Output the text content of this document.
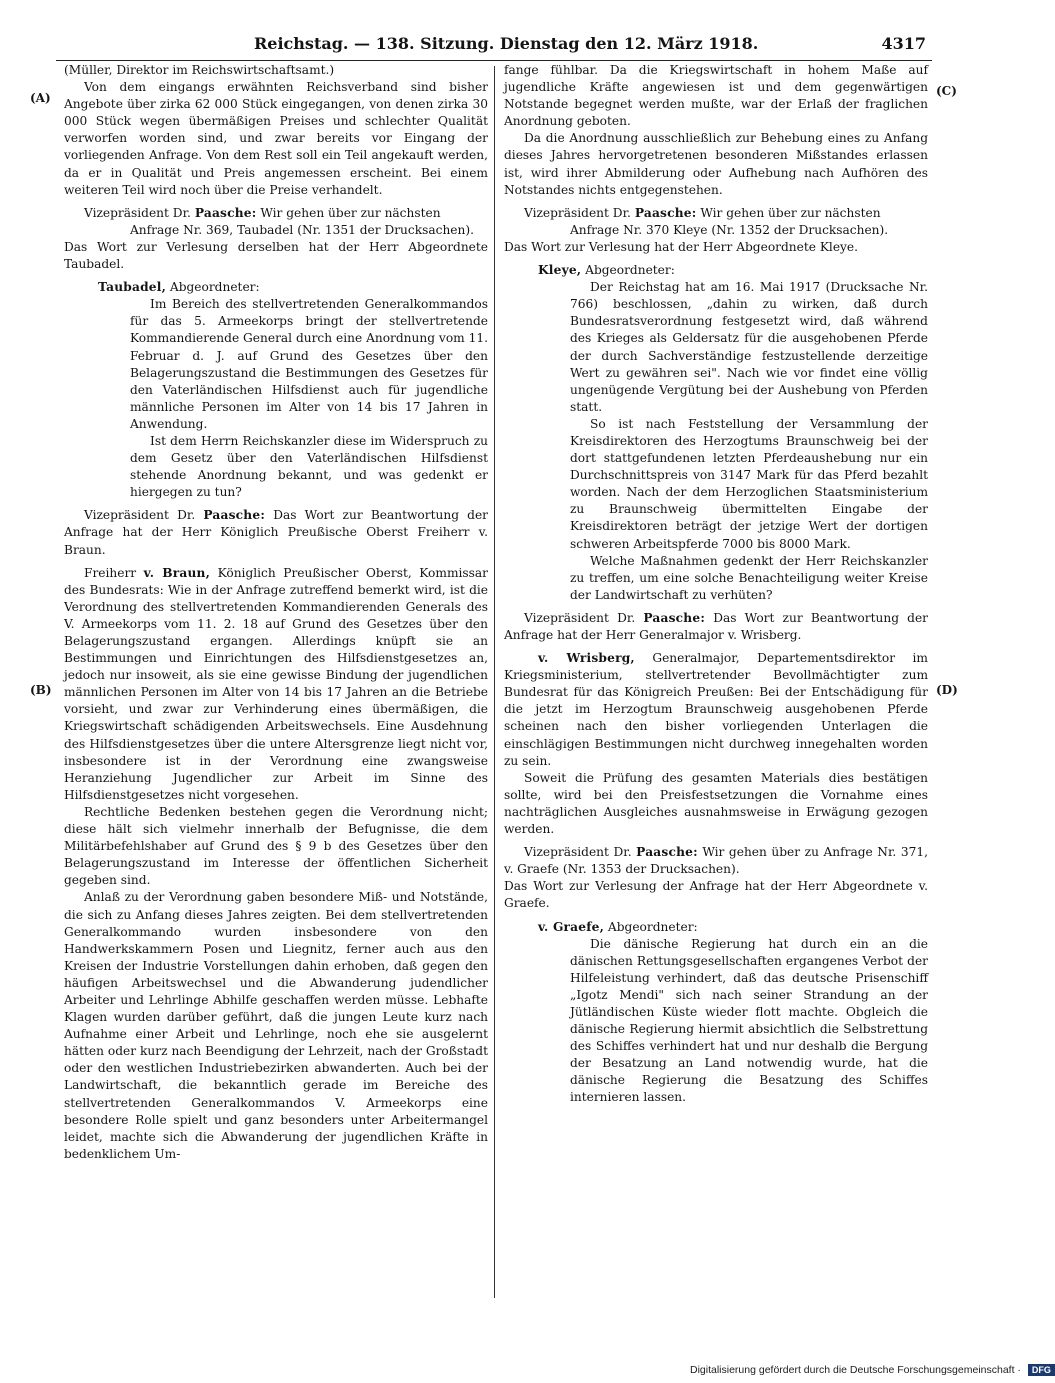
Reichstag. — 138. Sitzung. Dienstag den 12. März 1918.	4317
(A)
(B)
(C)
(D)

(Müller, Direktor im Reichswirtschaftsamt.)

Von dem eingangs erwähnten Reichsverband sind bisher Angebote über zirka 62 000 Stück eingegangen, von denen zirka 30 000 Stück wegen übermäßigen Preises und schlechter Qualität verworfen worden sind, und zwar bereits vor Eingang der vorliegenden Anfrage. Von dem Rest soll ein Teil angekauft werden, da er in Qualität und Preis angemessen erscheint. Bei einem weiteren Teil wird noch über die Preise verhandelt.

Vizepräsident Dr. Paasche: Wir gehen über zur nächsten

Anfrage Nr. 369, Taubadel (Nr. 1351 der Drucksachen).

Das Wort zur Verlesung derselben hat der Herr Abgeordnete Taubadel.

Taubadel, Abgeordneter:

Im Bereich des stellvertretenden Generalkommandos für das 5. Armeekorps bringt der stellvertretende Kommandierende General durch eine Anordnung vom 11. Februar d. J. auf Grund des Gesetzes über den Belagerungszustand die Bestimmungen des Gesetzes für den Vaterländischen Hilfsdienst auch für jugendliche männliche Personen im Alter von 14 bis 17 Jahren in Anwendung.

Ist dem Herrn Reichskanzler diese im Widerspruch zu dem Gesetz über den Vaterländischen Hilfsdienst stehende Anordnung bekannt, und was gedenkt er hiergegen zu tun?

Vizepräsident Dr. Paasche: Das Wort zur Beantwortung der Anfrage hat der Herr Königlich Preußische Oberst Freiherr v. Braun.

Freiherr v. Braun, Königlich Preußischer Oberst, Kommissar des Bundesrats: Wie in der Anfrage zutreffend bemerkt wird, ist die Verordnung des stellvertretenden Kommandierenden Generals des V. Armeekorps vom 11. 2. 18 auf Grund des Gesetzes über den Belagerungszustand ergangen. Allerdings knüpft sie an Bestimmungen und Einrichtungen des Hilfsdienstgesetzes an, jedoch nur insoweit, als sie eine gewisse Bindung der jugendlichen männlichen Personen im Alter von 14 bis 17 Jahren an die Betriebe vorsieht, und zwar zur Verhinderung eines übermäßigen, die Kriegswirtschaft schädigenden Arbeitswechsels. Eine Ausdehnung des Hilfsdienstgesetzes über die untere Altersgrenze liegt nicht vor, insbesondere ist in der Verordnung eine zwangsweise Heranziehung Jugendlicher zur Arbeit im Sinne des Hilfsdienstgesetzes nicht vorgesehen.

Rechtliche Bedenken bestehen gegen die Verordnung nicht; diese hält sich vielmehr innerhalb der Befugnisse, die dem Militärbefehlshaber auf Grund des § 9 b des Gesetzes über den Belagerungszustand im Interesse der öffentlichen Sicherheit gegeben sind.

Anlaß zu der Verordnung gaben besondere Miß- und Notstände, die sich zu Anfang dieses Jahres zeigten. Bei dem stellvertretenden Generalkommando wurden insbesondere von den Handwerkskammern Posen und Liegnitz, ferner auch aus den Kreisen der Industrie Vorstellungen dahin erhoben, daß gegen den häufigen Arbeitswechsel und die Abwanderung judendlicher Arbeiter und Lehrlinge Abhilfe geschaffen werden müsse. Lebhafte Klagen wurden darüber geführt, daß die jungen Leute kurz nach Aufnahme einer Arbeit und Lehrlinge, noch ehe sie ausgelernt hätten oder kurz nach Beendigung der Lehrzeit, nach der Großstadt oder den westlichen Industriebezirken abwanderten. Auch bei der Landwirtschaft, die bekanntlich gerade im Bereiche des stellvertretenden Generalkommandos V. Armeekorps eine besondere Rolle spielt und ganz besonders unter Arbeitermangel leidet, machte sich die Abwanderung der jugendlichen Kräfte in bedenklichem Um-

fange fühlbar. Da die Kriegswirtschaft in hohem Maße auf jugendliche Kräfte angewiesen ist und dem gegenwärtigen Notstande begegnet werden mußte, war der Erlaß der fraglichen Anordnung geboten.

Da die Anordnung ausschließlich zur Behebung eines zu Anfang dieses Jahres hervorgetretenen besonderen Mißstandes erlassen ist, wird ihrer Abmilderung oder Aufhebung nach Aufhören des Notstandes nichts entgegenstehen.

Vizepräsident Dr. Paasche: Wir gehen über zur nächsten

Anfrage Nr. 370 Kleye (Nr. 1352 der Drucksachen).

Das Wort zur Verlesung hat der Herr Abgeordnete Kleye.

Kleye, Abgeordneter:

Der Reichstag hat am 16. Mai 1917 (Drucksache Nr. 766) beschlossen, „dahin zu wirken, daß durch Bundesratsverordnung festgesetzt wird, daß während des Krieges als Geldersatz für die ausgehobenen Pferde der durch Sachverständige festzustellende derzeitige Wert zu gewähren sei". Nach wie vor findet eine völlig ungenügende Vergütung bei der Aushebung von Pferden statt.

So ist nach Feststellung der Versammlung der Kreisdirektoren des Herzogtums Braunschweig bei der dort stattgefundenen letzten Pferdeaushebung nur ein Durchschnittspreis von 3147 Mark für das Pferd bezahlt worden. Nach der dem Herzoglichen Staatsministerium zu Braunschweig übermittelten Eingabe der Kreisdirektoren beträgt der jetzige Wert der dortigen schweren Arbeitspferde 7000 bis 8000 Mark.

Welche Maßnahmen gedenkt der Herr Reichskanzler zu treffen, um eine solche Benachteiligung weiter Kreise der Landwirtschaft zu verhüten?

Vizepräsident Dr. Paasche: Das Wort zur Beantwortung der Anfrage hat der Herr Generalmajor v. Wrisberg.

v. Wrisberg, Generalmajor, Departementsdirektor im Kriegsministerium, stellvertretender Bevollmächtigter zum Bundesrat für das Königreich Preußen: Bei der Entschädigung für die jetzt im Herzogtum Braunschweig ausgehobenen Pferde scheinen nach den bisher vorliegenden Unterlagen die einschlägigen Bestimmungen nicht durchweg innegehalten worden zu sein.

Soweit die Prüfung des gesamten Materials dies bestätigen sollte, wird bei den Preisfestsetzungen die Vornahme eines nachträglichen Ausgleiches ausnahmsweise in Erwägung gezogen werden.

Vizepräsident Dr. Paasche: Wir gehen über zu Anfrage Nr. 371, v. Graefe (Nr. 1353 der Drucksachen).

Das Wort zur Verlesung der Anfrage hat der Herr Abgeordnete v. Graefe.

v. Graefe, Abgeordneter:

Die dänische Regierung hat durch ein an die dänischen Rettungsgesellschaften ergangenes Verbot der Hilfeleistung verhindert, daß das deutsche Prisenschiff „Igotz Mendi" sich nach seiner Strandung an der Jütländischen Küste wieder flott machte. Obgleich die dänische Regierung hiermit absichtlich die Selbstrettung des Schiffes verhindert hat und nur deshalb die Bergung der Besatzung an Land notwendig wurde, hat die dänische Regierung die Besatzung des Schiffes internieren lassen.

Digitalisierung gefördert durch die Deutsche Forschungsgemeinschaft · DFG
